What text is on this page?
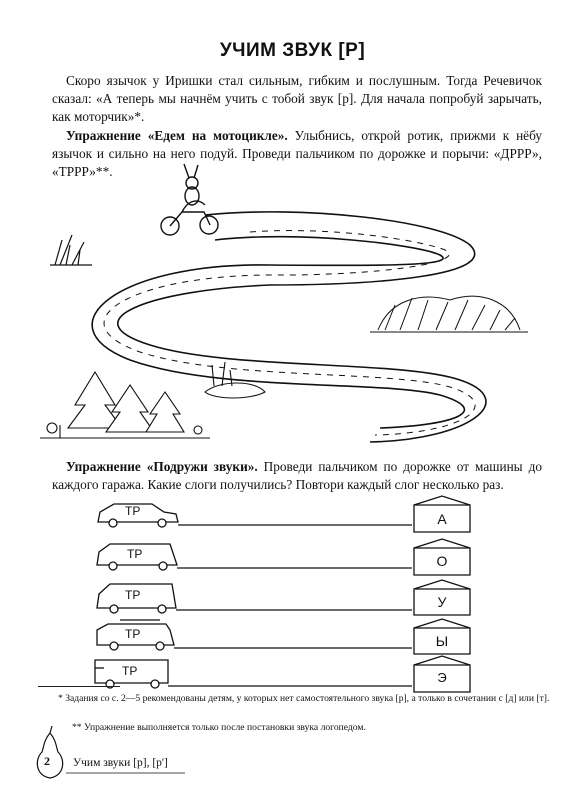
УЧИМ ЗВУК [Р]
Скоро язычок у Иришки стал сильным, гибким и послушным. Тогда Речевичок сказал: «А теперь мы начнём учить с тобой звук [р]. Для начала попробуй зарычать, как моторчик»*.
Упражнение «Едем на мотоцикле». Улыбнись, открой ротик, прижми к нёбу язычок и сильно на него подуй. Проведи пальчиком по дорожке и порычи: «ДРРР», «ТРРР»**.
Упражнение «Подружи звуки». Проведи пальчиком по дорожке от машины до каждого гаража. Какие слоги получились? Повтори каждый слог несколько раз.
ТР
ТР
ТР
ТР
ТР
А
О
У
Ы
Э
* Задания со с. 2—5 рекомендованы детям, у которых нет самостоятельного звука [р], а только в сочетании с [д] или [т].
** Упражнение выполняется только после постановки звука логопедом.
2 Учим звуки [р], [р']
